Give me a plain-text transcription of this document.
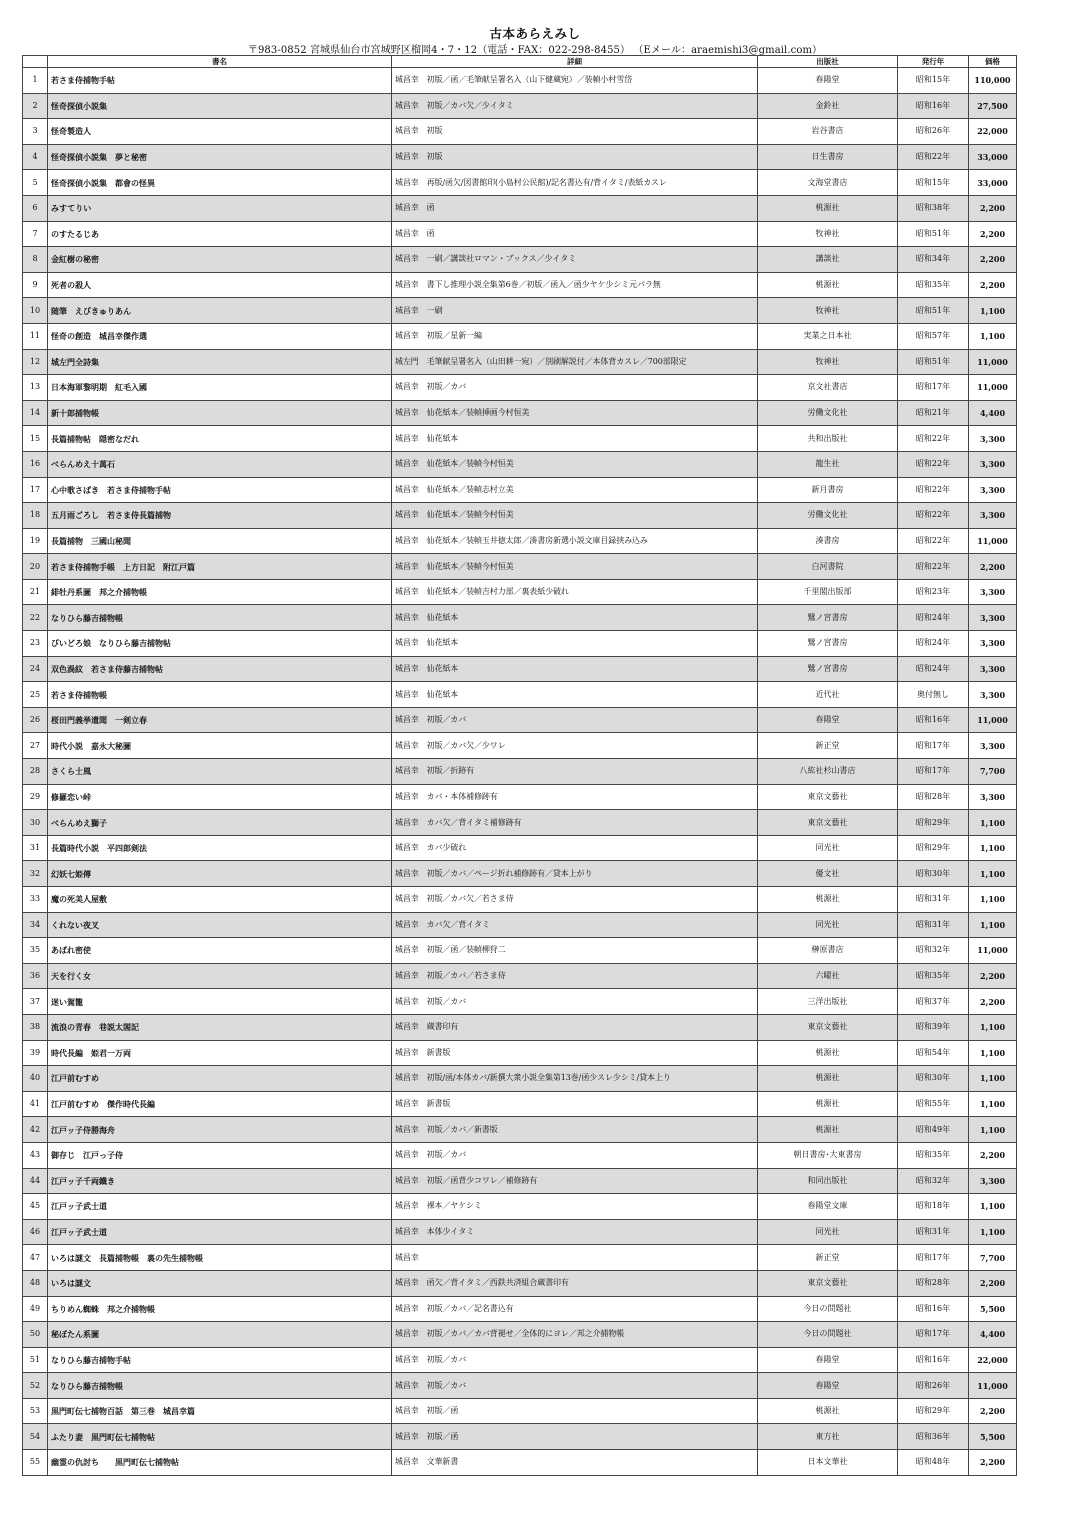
古本あらえみし
〒983-0852 宮城県仙台市宮城野区榴岡4・7・12（電話・FAX：022-298-8455） （Eメール：araemishi3@gmail.com）
	書名	詳細	出版社	発行年	価格
1	若さま侍捕物手帖	城昌幸　初版／函／毛筆献呈署名入（山下健蔵宛）／装幀小村雪岱	春陽堂	昭和15年	110,000
2	怪奇探偵小説集	城昌幸　初版／カバ欠／少イタミ	金鈴社	昭和16年	27,500
3	怪奇製造人	城昌幸　初版	岩谷書店	昭和26年	22,000
4	怪奇探偵小説集　夢と秘密	城昌幸　初版	日生書房	昭和22年	33,000
5	怪奇探偵小説集　都會の怪異	城昌幸　再版/函欠/図書館印(小島村公民館)/記名書込有/背イタミ/表紙カスレ	文海堂書店	昭和15年	33,000
6	みすてりい	城昌幸　函	桃源社	昭和38年	2,200
7	のすたるじあ	城昌幸　函	牧神社	昭和51年	2,200
8	金紅樹の秘密	城昌幸　一刷／講談社ロマン・ブックス／少イタミ	講談社	昭和34年	2,200
9	死者の殺人	城昌幸　書下し推理小説全集第6巻／初版／函入／函少ヤケ少シミ元パラ無	桃源社	昭和35年	2,200
10	随筆　えびきゅりあん	城昌幸　一刷	牧神社	昭和51年	1,100
11	怪奇の創造　城昌幸傑作選	城昌幸　初版／星新一編	実業之日本社	昭和57年	1,100
12	城左門全詩集	城左門　毛筆献呈署名入（山田耕一宛）／別刷解説付／本体背カスレ／700部限定	牧神社	昭和51年	11,000
13	日本海軍黎明期　紅毛入國	城昌幸　初版／カバ	京文社書店	昭和17年	11,000
14	新十郎捕物帳	城昌幸　仙花紙本／装幀挿画今村恒美	労働文化社	昭和21年	4,400
15	長篇捕物帖　隠密なだれ	城昌幸　仙花紙本	共和出版社	昭和22年	3,300
16	べらんめえ十萬石	城昌幸　仙花紙本／装幀今村恒美	龍生社	昭和22年	3,300
17	心中歌さばき　若さま侍捕物手帖	城昌幸　仙花紙本／装幀志村立美	新月書房	昭和22年	3,300
18	五月雨ごろし　若さま侍長篇捕物	城昌幸　仙花紙本／装幀今村恒美	労働文化社	昭和22年	3,300
19	長篇捕物　三國山秘聞	城昌幸　仙花紙本／装幀玉井徳太郎／湊書房新選小説文庫目録挟み込み	湊書房	昭和22年	11,000
20	若さま侍捕物手帳　上方日記　附江戸篇	城昌幸　仙花紙本／装幀今村恒美	白河書院	昭和22年	2,200
21	緋牡丹系圖　邦之介捕物帳	城昌幸　仙花紙本／装幀吉村力部／裏表紙少破れ	千里閣出版部	昭和23年	3,300
22	なりひら藤吉捕物帳	城昌幸　仙花紙本	鷺ノ宮書房	昭和24年	3,300
23	びいどろ娘　なりひら藤吉捕物帖	城昌幸　仙花紙本	鷺ノ宮書房	昭和24年	3,300
24	双色渦紋　若さま侍藤吉捕物帖	城昌幸　仙花紙本	鷺ノ宮書房	昭和24年	3,300
25	若さま侍捕物帳	城昌幸　仙花紙本	近代社	奥付無し	3,300
26	桜田門義挙遺聞　一剣立春	城昌幸　初版／カバ	春陽堂	昭和16年	11,000
27	時代小説　嘉永大秘圖	城昌幸　初版／カバ欠／少ワレ	新正堂	昭和17年	3,300
28	さくら士風	城昌幸　初版／折跡有	八紘社杉山書店	昭和17年	7,700
29	修羅恋い峠	城昌幸　カバ・本体補修跡有	東京文藝社	昭和28年	3,300
30	べらんめえ獅子	城昌幸　カバ欠／背イタミ補修跡有	東京文藝社	昭和29年	1,100
31	長篇時代小説　平四郎剣法	城昌幸　カバ少破れ	同光社	昭和29年	1,100
32	幻妖七姫傳	城昌幸　初版／カバ／ページ折れ補修跡有／貸本上がり	優文社	昭和30年	1,100
33	魔の死美人屋敷	城昌幸　初版／カバ欠／若さま侍	桃源社	昭和31年	1,100
34	くれない夜叉	城昌幸　カバ欠／背イタミ	同光社	昭和31年	1,100
35	あばれ密使	城昌幸　初版／函／装幀柳狩二	榊原書店	昭和32年	11,000
36	天を行く女	城昌幸　初版／カバ／若さま侍	六曜社	昭和35年	2,200
37	迷い駕籠	城昌幸　初版／カバ	三洋出版社	昭和37年	2,200
38	流浪の青春　巷説太閤記	城昌幸　蔵書印有	東京文藝社	昭和39年	1,100
39	時代長編　姫君一万両	城昌幸　新書版	桃源社	昭和54年	1,100
40	江戸前むすめ	城昌幸　初版/函/本体カバ/新撰大衆小説全集第13巻/函少スレ少シミ/貸本上り	桃源社	昭和30年	1,100
41	江戸前むすめ　傑作時代長編	城昌幸　新書版	桃源社	昭和55年	1,100
42	江戸ッ子侍勝海舟	城昌幸　初版／カバ／新書版	桃源社	昭和49年	1,100
43	御存じ　江戸っ子侍	城昌幸　初版／カバ	朝日書房･大東書房	昭和35年	2,200
44	江戸ッ子千両鐵き	城昌幸　初版／函背少コワレ／補修跡有	和同出版社	昭和32年	3,300
45	江戸ッ子武士道	城昌幸　裸本／ヤケシミ	春陽堂文庫	昭和18年	1,100
46	江戸ッ子武士道	城昌幸　本体少イタミ	同光社	昭和31年	1,100
47	いろは謎文　長篇捕物帳　裏の先生捕物帳	城昌幸	新正堂	昭和17年	7,700
48	いろは謎文	城昌幸　函欠／背イタミ／西鉄共済組合蔵書印有	東京文藝社	昭和28年	2,200
49	ちりめん蜘蛛　邦之介捕物帳	城昌幸　初版／カバ／記名書込有	今日の問題社	昭和16年	5,500
50	秘ぼたん系圖	城昌幸　初版／カバ／カバ背褪せ／全体的にヨレ／邦之介捕物帳	今日の問題社	昭和17年	4,400
51	なりひら藤吉捕物手帖	城昌幸　初版／カバ	春陽堂	昭和16年	22,000
52	なりひら藤吉捕物帳	城昌幸　初版／カバ	春陽堂	昭和26年	11,000
53	黒門町伝七捕物百話　第三巻　城昌幸篇	城昌幸　初版／函	桃源社	昭和29年	2,200
54	ふたり妻　黒門町伝七捕物帖	城昌幸　初版／函	東方社	昭和36年	5,500
55	幽霊の仇討ち　　黒門町伝七捕物帖	城昌幸　文華新書	日本文華社	昭和48年	2,200
